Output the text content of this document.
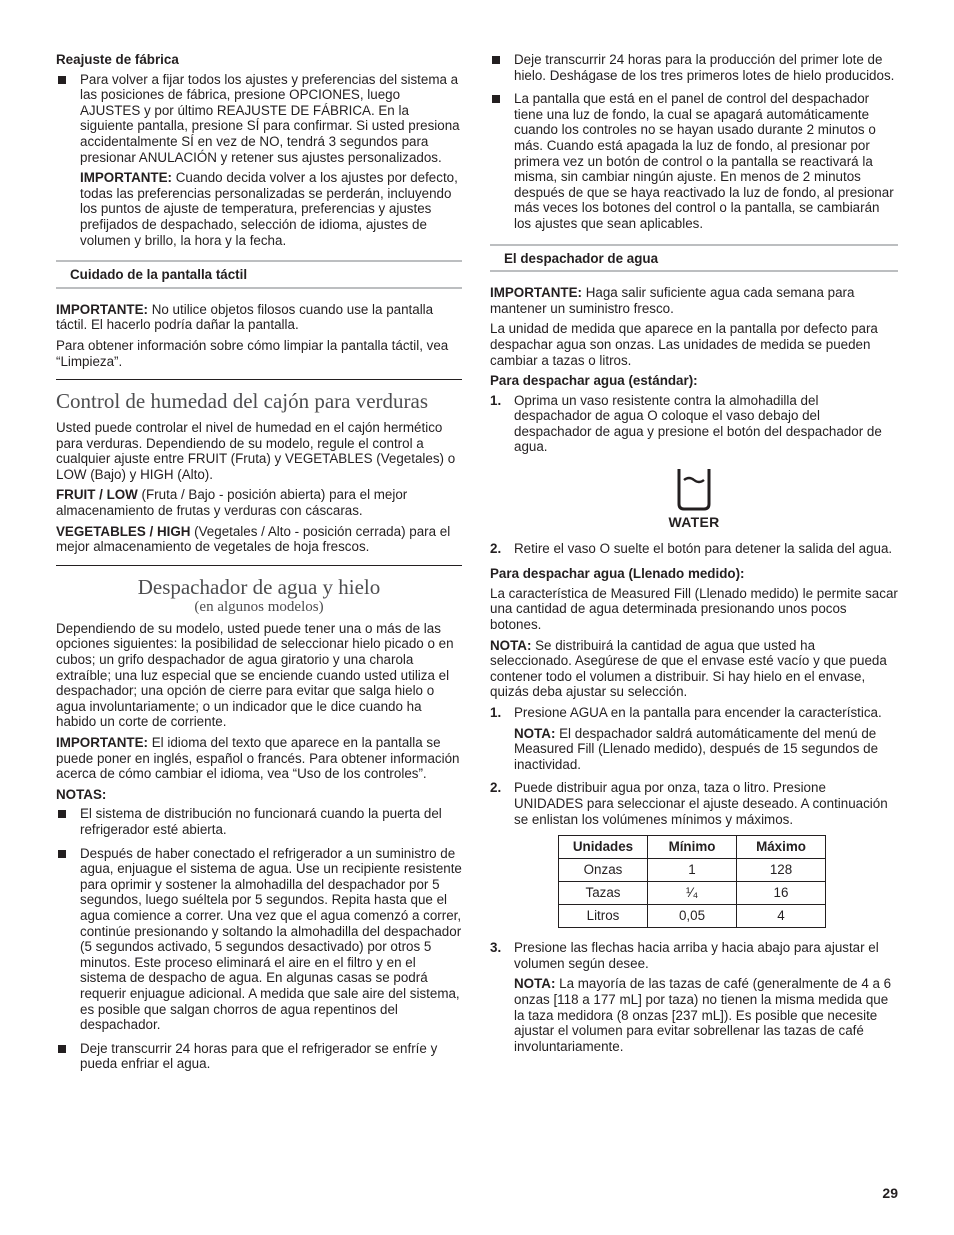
Reajuste de fábrica

Para volver a fijar todos los ajustes y preferencias del sistema a las posiciones de fábrica, presione OPCIONES, luego AJUSTES y por último REAJUSTE DE FÁBRICA. En la siguiente pantalla, presione SÍ para confirmar. Si usted presiona accidentalmente SÍ en vez de NO, tendrá 3 segundos para presionar ANULACIÓN y retener sus ajustes personalizados.

IMPORTANTE: Cuando decida volver a los ajustes por defecto, todas las preferencias personalizadas se perderán, incluyendo los puntos de ajuste de temperatura, preferencias y ajustes prefijados de despachado, selección de idioma, ajustes de volumen y brillo, la hora y la fecha.

Cuidado de la pantalla táctil

IMPORTANTE: No utilice objetos filosos cuando use la pantalla táctil. El hacerlo podría dañar la pantalla.

Para obtener información sobre cómo limpiar la pantalla táctil, vea “Limpieza”.

Control de humedad del cajón para verduras

Usted puede controlar el nivel de humedad en el cajón hermético para verduras. Dependiendo de su modelo, regule el control a cualquier ajuste entre FRUIT (Fruta) y VEGETABLES (Vegetales) o LOW (Bajo) y HIGH (Alto).

FRUIT / LOW (Fruta / Bajo - posición abierta) para el mejor almacenamiento de frutas y verduras con cáscaras.

VEGETABLES / HIGH (Vegetales / Alto - posición cerrada) para el mejor almacenamiento de vegetales de hoja frescos.

Despachador de agua y hielo
(en algunos modelos)

Dependiendo de su modelo, usted puede tener una o más de las opciones siguientes: la posibilidad de seleccionar hielo picado o en cubos; un grifo despachador de agua giratorio y una charola extraíble; una luz especial que se enciende cuando usted utiliza el despachador; una opción de cierre para evitar que salga hielo o agua involuntariamente; o un indicador que le dice cuando ha habido un corte de corriente.

IMPORTANTE: El idioma del texto que aparece en la pantalla se puede poner en inglés, español o francés. Para obtener información acerca de cómo cambiar el idioma, vea “Uso de los controles”.

NOTAS:

El sistema de distribución no funcionará cuando la puerta del refrigerador esté abierta.
Después de haber conectado el refrigerador a un suministro de agua, enjuague el sistema de agua. Use un recipiente resistente para oprimir y sostener la almohadilla del despachador por 5 segundos, luego suéltela por 5 segundos. Repita hasta que el agua comience a correr. Una vez que el agua comenzó a correr, continúe presionando y soltando la almohadilla del despachador (5 segundos activado, 5 segundos desactivado) por otros 5 minutos. Este proceso eliminará el aire en el filtro y en el sistema de despacho de agua. En algunas casas se podrá requerir enjuague adicional. A medida que sale aire del sistema, es posible que salgan chorros de agua repentinos del despachador.
Deje transcurrir 24 horas para que el refrigerador se enfríe y pueda enfriar el agua.
Deje transcurrir 24 horas para la producción del primer lote de hielo. Deshágase de los tres primeros lotes de hielo producidos.
La pantalla que está en el panel de control del despachador tiene una luz de fondo, la cual se apagará automáticamente cuando los controles no se hayan usado durante 2 minutos o más. Cuando está apagada la luz de fondo, al presionar por primera vez un botón de control o la pantalla se reactivará la misma, sin cambiar ningún ajuste. En menos de 2 minutos después de que se haya reactivado la luz de fondo, al presionar más veces los botones del control o la pantalla, se cambiarán los ajustes que sean aplicables.
El despachador de agua

IMPORTANTE: Haga salir suficiente agua cada semana para mantener un suministro fresco.

La unidad de medida que aparece en la pantalla por defecto para despachar agua son onzas. Las unidades de medida se pueden cambiar a tazas o litros.

Para despachar agua (estándar):

1. Oprima un vaso resistente contra la almohadilla del despachador de agua O coloque el vaso debajo del despachador de agua y presione el botón del despachador de agua.
WATER
2. Retire el vaso O suelte el botón para detener la salida del agua.

Para despachar agua (Llenado medido):

La característica de Measured Fill (Llenado medido) le permite sacar una cantidad de agua determinada presionando unos pocos botones.

NOTA: Se distribuirá la cantidad de agua que usted ha seleccionado. Asegúrese de que el envase esté vacío y que pueda contener todo el volumen a distribuir. Si hay hielo en el envase, quizás deba ajustar su selección.

1. Presione AGUA en la pantalla para encender la característica.

NOTA: El despachador saldrá automáticamente del menú de Measured Fill (Llenado medido), después de 15 segundos de inactividad.

2. Puede distribuir agua por onza, taza o litro. Presione UNIDADES para seleccionar el ajuste deseado. A continuación se enlistan los volúmenes mínimos y máximos.
Unidades	Mínimo	Máximo
Onzas	1	128
Tazas	¹⁄₄	16
Litros	0,05	4
3. Presione las flechas hacia arriba y hacia abajo para ajustar el volumen según desee.

NOTA: La mayoría de las tazas de café (generalmente de 4 a 6 onzas [118 a 177 mL] por taza) no tienen la misma medida que la taza medidora (8 onzas [237 mL]). Es posible que necesite ajustar el volumen para evitar sobrellenar las tazas de café involuntariamente.

29
